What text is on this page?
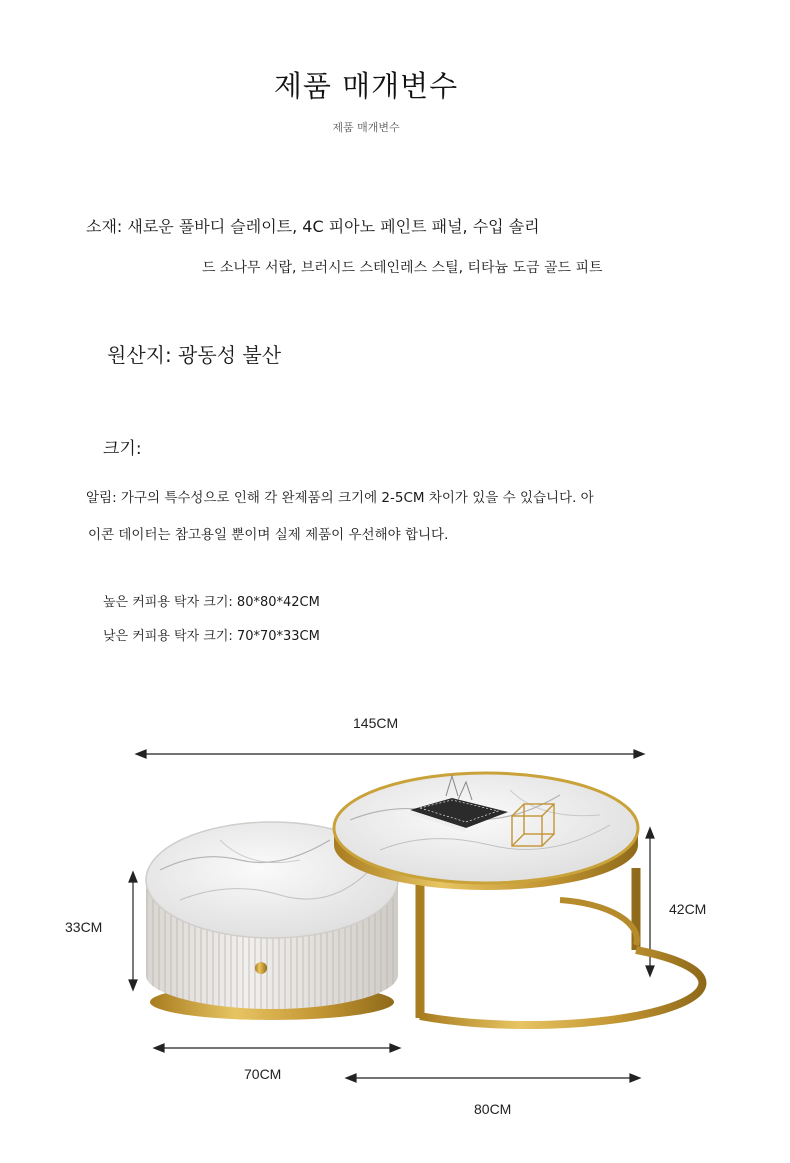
제품 매개변수
제품 매개변수
소재: 새로운 풀바디 슬레이트, 4C 피아노 페인트 패널, 수입 솔리
드 소나무 서랍, 브러시드 스테인레스 스틸, 티타늄 도금 골드 피트
원산지: 광동성 불산
크기:
알림: 가구의 특수성으로 인해 각 완제품의 크기에 2-5CM 차이가 있을 수 있습니다. 아
이콘 데이터는 참고용일 뿐이며 실제 제품이 우선해야 합니다.
높은 커피용 탁자 크기: 80*80*42CM
낮은 커피용 탁자 크기: 70*70*33CM
145CM
33CM
42CM
70CM
80CM
